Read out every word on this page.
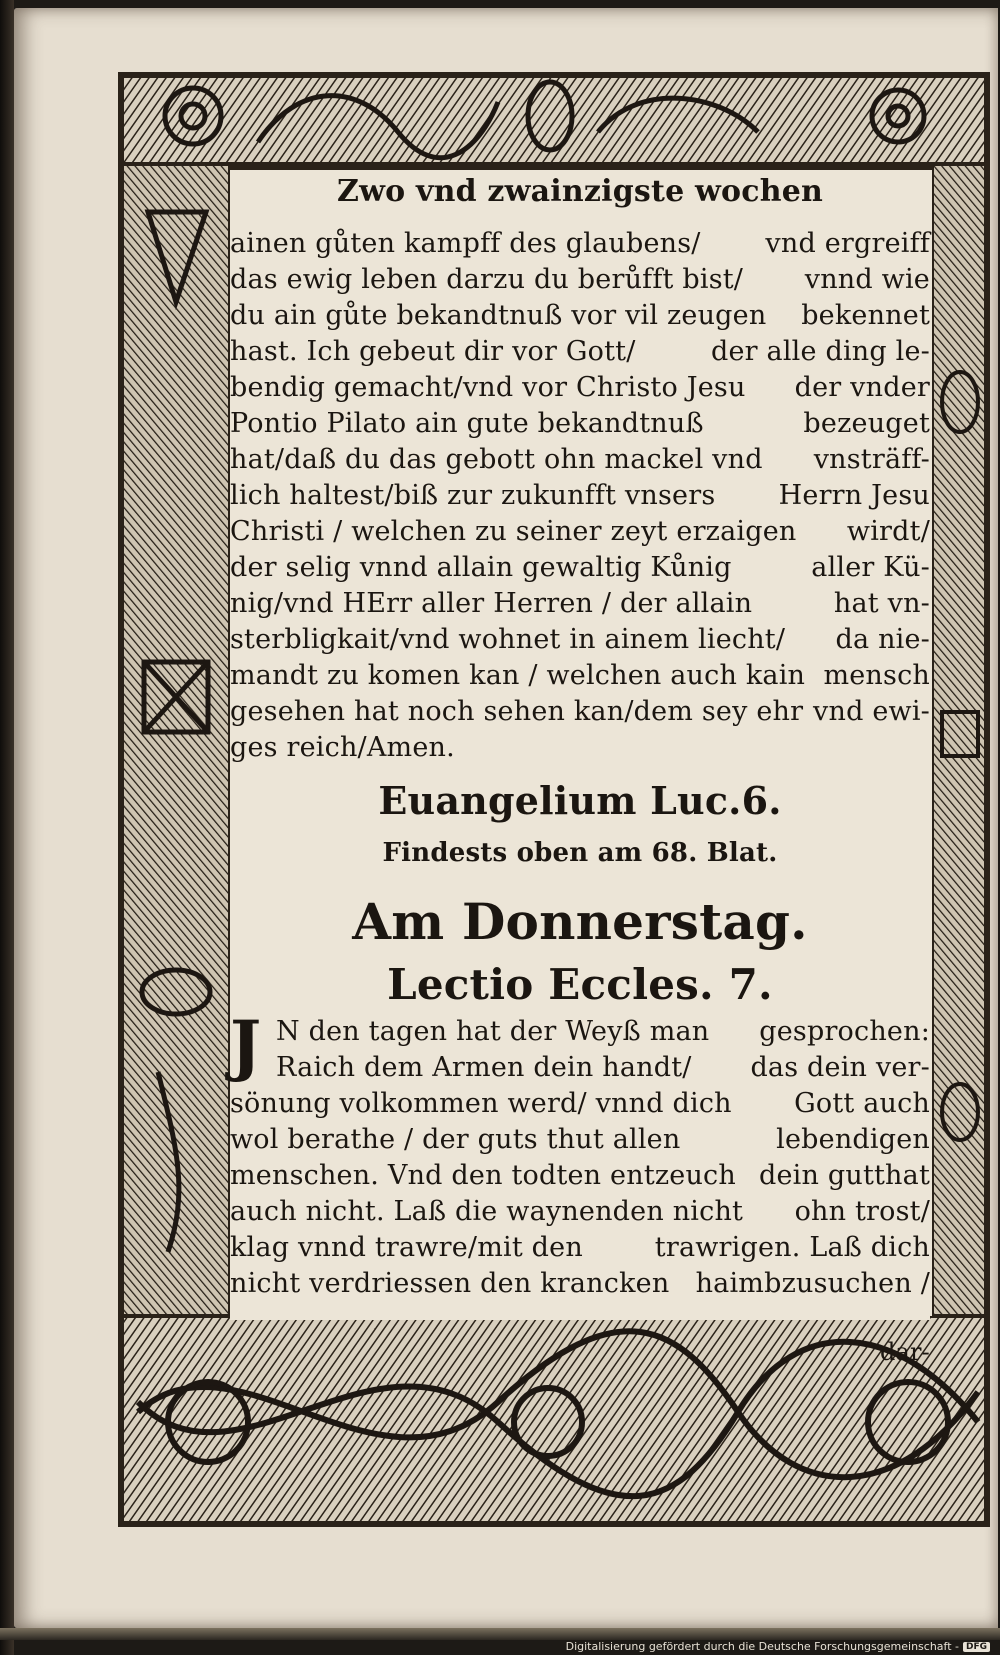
Zwo vnd zwainzigste wochen
ainen gůten kampff des glaubens/ vnd ergreiff
das ewig leben darzu du berůfft bist/ vnnd wie
du ain gůte bekandtnuß vor vil zeugen bekennet
hast. Ich gebeut dir vor Gott/	der alle ding le-
bendig gemacht/vnd vor Christo Jesu der vnder
Pontio Pilato ain gute bekandtnuß	bezeuget
hat/daß du das gebott ohn mackel vnd vnsträff-
lich haltest/biß zur zukunfft vnsers Herrn Jesu
Christi / welchen zu seiner zeyt erzaigen wirdt/
der selig vnnd allain gewaltig Kůnig	aller Kü-
nig/vnd HErr aller Herren / der allain	hat vn-
sterbligkait/vnd wohnet in ainem liecht/ da nie-
mandt zu komen kan / welchen auch kain mensch
gesehen hat noch sehen kan/dem sey ehr vnd ewi-
ges reich/Amen.
Euangelium Luc.6.
Findests oben am 68. Blat.
Am Donnerstag.
Lectio Eccles. 7.
J N den tagen hat der Weyß man gesprochen:
Raich dem Armen dein handt/ das dein ver-
sönung volkommen werd/ vnnd dich Gott auch
wol berathe / der guts thut allen	lebendigen
menschen. Vnd den todten entzeuch dein gutthat
auch nicht. Laß die waynenden nicht ohn trost/
klag vnnd trawre/mit den	trawrigen. Laß dich
nicht verdriessen den krancken haimbzusuchen /
dar-
Digitalisierung gefördert durch die Deutsche Forschungsgemeinschaft - DFG
